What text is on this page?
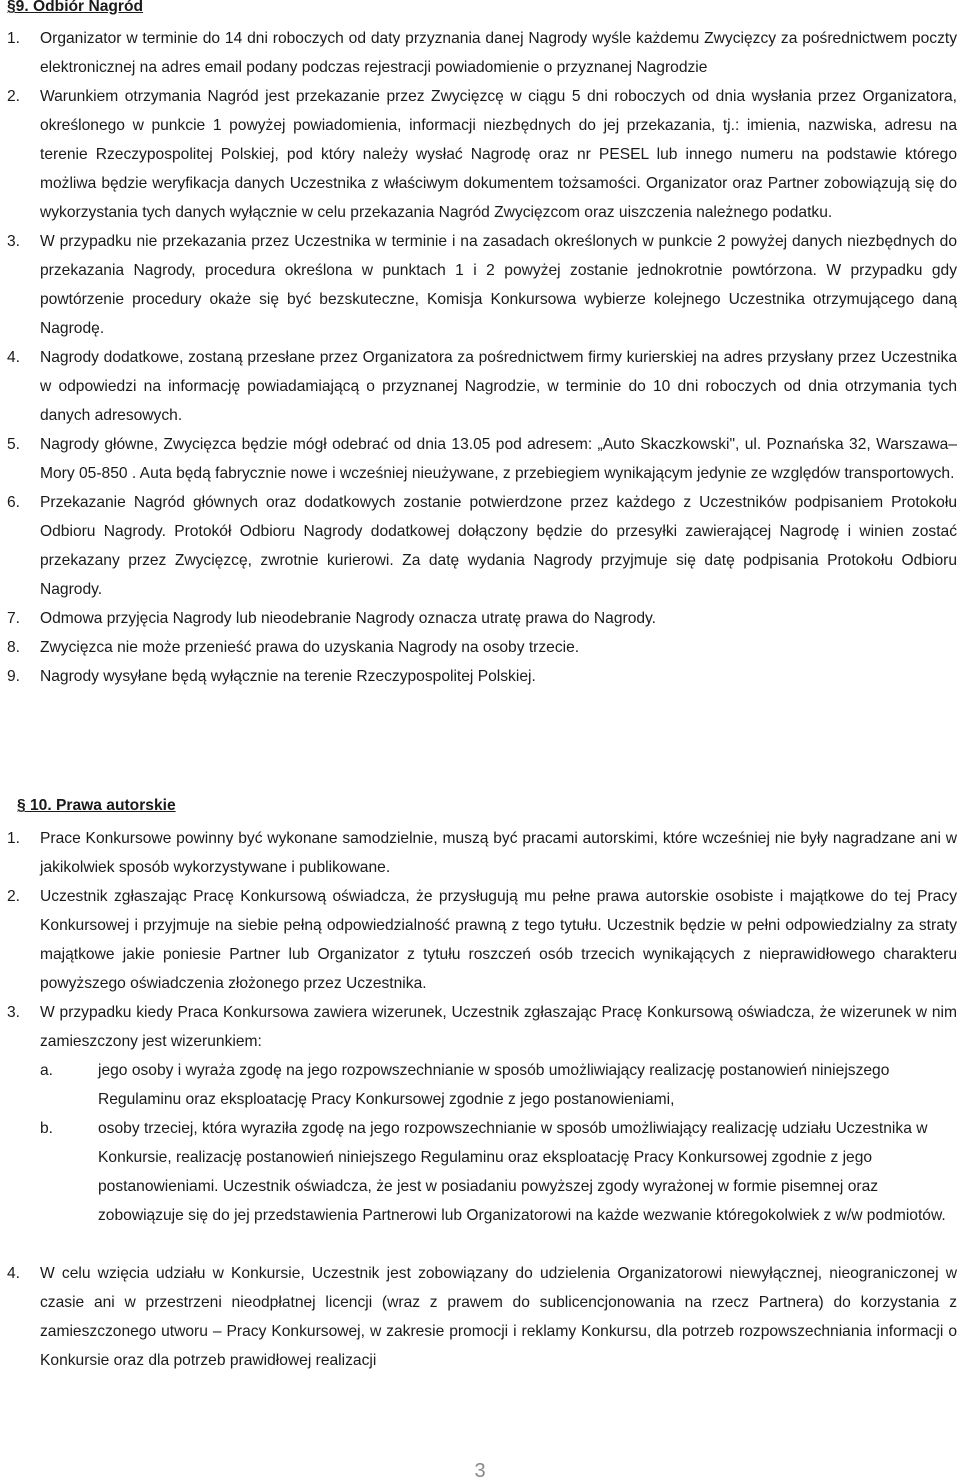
§9. Odbiór Nagród

1.	Organizator w terminie do 14 dni roboczych od daty przyznania danej Nagrody wyśle każdemu Zwycięzcy za pośrednictwem poczty elektronicznej na adres email podany podczas rejestracji powiadomienie o przyznanej Nagrodzie
2.	Warunkiem otrzymania Nagród jest przekazanie przez Zwycięzcę w ciągu 5 dni roboczych od dnia wysłania przez Organizatora, określonego w punkcie 1 powyżej powiadomienia, informacji niezbędnych do jej przekazania, tj.: imienia, nazwiska, adresu na terenie Rzeczypospolitej Polskiej, pod który należy wysłać Nagrodę oraz nr PESEL lub innego numeru na podstawie którego możliwa będzie weryfikacja danych Uczestnika z właściwym dokumentem tożsamości. Organizator oraz Partner zobowiązują się do wykorzystania tych danych wyłącznie w celu przekazania Nagród Zwycięzcom oraz uiszczenia należnego podatku.
3.	W przypadku nie przekazania przez Uczestnika w terminie i na zasadach określonych w punkcie 2 powyżej danych niezbędnych do przekazania Nagrody, procedura określona w punktach 1 i 2 powyżej zostanie jednokrotnie powtórzona. W przypadku gdy powtórzenie procedury okaże się być bezskuteczne, Komisja Konkursowa wybierze kolejnego Uczestnika otrzymującego daną Nagrodę.
4.	Nagrody dodatkowe, zostaną przesłane przez Organizatora za pośrednictwem firmy kurierskiej na adres przysłany przez Uczestnika w odpowiedzi na informację powiadamiającą o przyznanej Nagrodzie, w terminie do 10 dni roboczych od dnia otrzymania tych danych adresowych.
5.	Nagrody główne, Zwycięzca będzie mógł odebrać od dnia 13.05 pod adresem: „Auto Skaczkowski", ul. Poznańska 32, Warszawa– Mory 05-850 . Auta będą fabrycznie nowe i wcześniej nieużywane, z przebiegiem wynikającym jedynie ze względów transportowych.
6.	Przekazanie Nagród głównych oraz dodatkowych zostanie potwierdzone przez każdego z Uczestników podpisaniem Protokołu Odbioru Nagrody. Protokół Odbioru Nagrody dodatkowej dołączony będzie do przesyłki zawierającej Nagrodę i winien zostać przekazany przez Zwycięzcę, zwrotnie kurierowi. Za datę wydania Nagrody przyjmuje się datę podpisania Protokołu Odbioru Nagrody.
7.	Odmowa przyjęcia Nagrody lub nieodebranie Nagrody oznacza utratę prawa do Nagrody.
8.	Zwycięzca nie może przenieść prawa do uzyskania Nagrody na osoby trzecie.
9.	Nagrody wysyłane będą wyłącznie na terenie Rzeczypospolitej Polskiej.

§ 10. Prawa autorskie

1.	Prace Konkursowe powinny być wykonane samodzielnie, muszą być pracami autorskimi, które wcześniej nie były nagradzane ani w jakikolwiek sposób wykorzystywane i publikowane.
2.	Uczestnik zgłaszając Pracę Konkursową oświadcza, że przysługują mu pełne prawa autorskie osobiste i majątkowe do tej Pracy Konkursowej i przyjmuje na siebie pełną odpowiedzialność prawną z tego tytułu. Uczestnik będzie w pełni odpowiedzialny za straty majątkowe jakie poniesie Partner lub Organizator z tytułu roszczeń osób trzecich wynikających z nieprawidłowego charakteru powyższego oświadczenia złożonego przez Uczestnika.
3.	W przypadku kiedy Praca Konkursowa zawiera wizerunek, Uczestnik zgłaszając Pracę Konkursową oświadcza, że wizerunek w nim zamieszczony jest wizerunkiem:
a.	jego osoby i wyraża zgodę na jego rozpowszechnianie w sposób umożliwiający realizację postanowień niniejszego Regulaminu oraz eksploatację Pracy Konkursowej zgodnie z jego postanowieniami,
b.	osoby trzeciej, która wyraziła zgodę na jego rozpowszechnianie w sposób umożliwiający realizację udziału Uczestnika w Konkursie, realizację postanowień niniejszego Regulaminu oraz eksploatację Pracy Konkursowej zgodnie z jego postanowieniami. Uczestnik oświadcza, że jest w posiadaniu powyższej zgody wyrażonej w formie pisemnej oraz zobowiązuje się do jej przedstawienia Partnerowi lub Organizatorowi na każde wezwanie któregokolwiek z w/w podmiotów.
4.	W celu wzięcia udziału w Konkursie, Uczestnik jest zobowiązany do udzielenia Organizatorowi niewyłącznej, nieograniczonej w czasie ani w przestrzeni nieodpłatnej licencji (wraz z prawem do sublicencjonowania na rzecz Partnera) do korzystania z zamieszczonego utworu – Pracy Konkursowej, w zakresie promocji i reklamy Konkursu, dla potrzeb rozpowszechniania informacji o Konkursie oraz dla potrzeb prawidłowej realizacji
3
